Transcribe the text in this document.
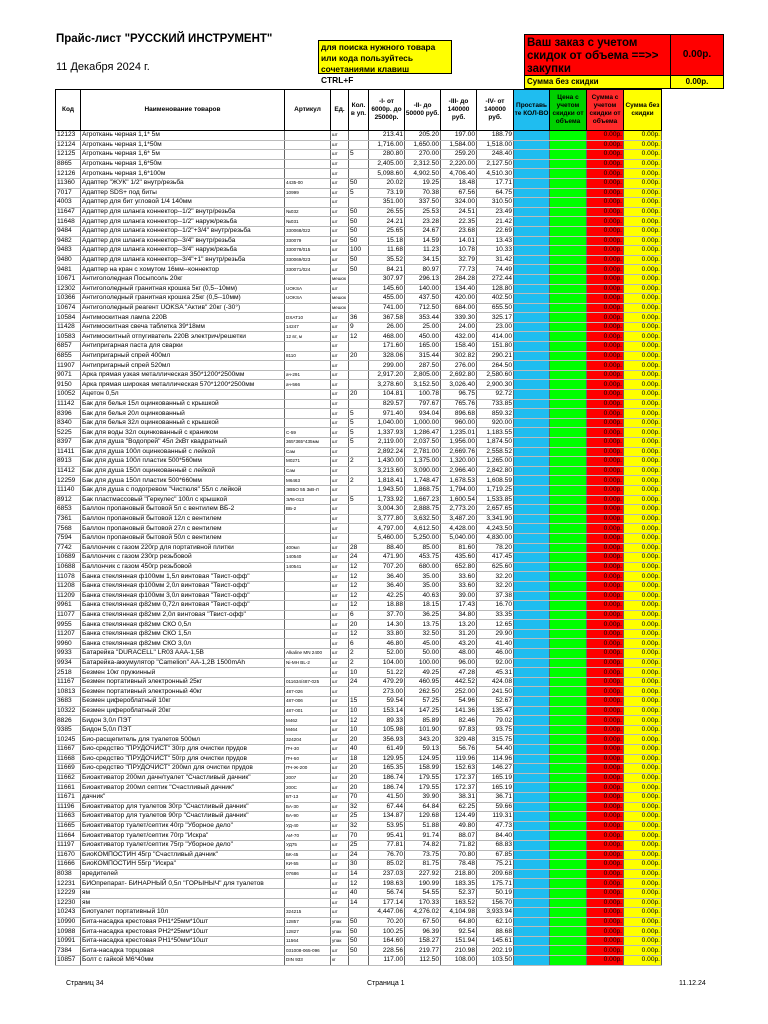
Прайс-лист "РУССКИЙ ИНСТРУМЕНТ"
11 Декабря 2024 г.
для поиска нужного товара
или кода пользуйтесь
сочетаниями клавиш
CTRL+F
Ваш заказ с учетом
скидок от объема ==>>
закупки
0.00р.
Сумма без скидки	0.00р.
Код	Наименование товаров	Артикул	Ед.	Кол. в уп.	-I- от 6000р. до 25000р.	-II- до 50000 руб.	-III- до 140000 руб.	-IV- от 140000 руб.	Проставь те КОЛ-ВО	Цена с учетом скидки от объема	Сумма с учетом скидки от объема	Сумма без скидки
12123	Агроткань черная 1,1* 5м		шт		213.41	205.20	197.00	188.79			0.00р.	0.00р.
12124	Агроткань черная 1,1*50м		шт		1,716.00	1,650.00	1,584.00	1,518.00			0.00р.	0.00р.
12125	Агроткань черная 1,6* 5м		шт	5	280.80	270.00	259.20	248.40			0.00р.	0.00р.
8865	Агроткань черная 1,6*50м		шт		2,405.00	2,312.50	2,220.00	2,127.50			0.00р.	0.00р.
12126	Агроткань черная 1,6*100м		шт		5,098.60	4,902.50	4,706.40	4,510.30			0.00р.	0.00р.
11360	Адаптер "ЖУК" 1/2" внутр/резьба	4435-00	шт	50	20.02	19.25	18.48	17.71			0.00р.	0.00р.
7017	Адаптер SDS+ под биты	10999	шт	5	73.19	70.38	67.56	64.75			0.00р.	0.00р.
4003	Адаптер для бит угловой 1/4 140мм		шт		351.00	337.50	324.00	310.50			0.00р.	0.00р.
11647	Адаптер для шланга коннектор--1/2" внутр/резьба	№032	шт	50	26.55	25.53	24.51	23.49			0.00р.	0.00р.
11648	Адаптер для шланга коннектор--1/2" наруж/резьба	№031	шт	50	24.21	23.28	22.35	21.42			0.00р.	0.00р.
9484	Адаптер для шланга коннектор--1/2"+3/4" внутр/резьба	330068/022	шт	50	25.65	24.67	23.68	22.69			0.00р.	0.00р.
9482	Адаптер для шланга коннектор--3/4" внутр/резьба	330079	шт	50	15.18	14.59	14.01	13.43			0.00р.	0.00р.
9483	Адаптер для шланга коннектор--3/4" наруж/резьба	330078/015	шт	100	11.68	11.23	10.78	10.33			0.00р.	0.00р.
9480	Адаптер для шланга коннектор--3/4"+1" внутр/резьба	330069/023	шт	50	35.52	34.15	32.79	31.42			0.00р.	0.00р.
9481	Адаптер на кран с хомутом 16мм--коннектор	330071/024	шт	50	84.21	80.97	77.73	74.49			0.00р.	0.00р.
10671	Антигололедная Посыпсоль 20кг		мешок		307.97	296.13	284.28	272.44			0.00р.	0.00р.
12302	Антигололедный гранитная крошка 5кг (0,5--10мм)	UOKSA	шт		145.60	140.00	134.40	128.80			0.00р.	0.00р.
10366	Антигололедный гранитная крошка 25кг (0,5--10мм)	UOKSA	мешок		455.00	437.50	420.00	402.50			0.00р.	0.00р.
10674	Антигололедный реагент UOKSA "Актив" 20кг (-30°)		мешок		741.00	712.50	684.00	655.50			0.00р.	0.00р.
10584	Антимоскитная лампа 220В	DXAT10	шт	36	367.58	353.44	339.30	325.17			0.00р.	0.00р.
11428	Антимоскитная свеча таблетка 39*18мм	14247	шт	9	26.00	25.00	24.00	23.00			0.00р.	0.00р.
10583	Антимоскитный отпугиватель 220В электрич/решетки	12 вт, м	шт	12	468.00	450.00	432.00	414.00			0.00р.	0.00р.
6857	Антипригарная паста для сварки		шт		171.60	165.00	158.40	151.80			0.00р.	0.00р.
6855	Антипригарный спрей 400мл	8110	шт	20	328.06	315.44	302.82	290.21			0.00р.	0.00р.
11907	Антипригарный спрей 520мл		шт		299.00	287.50	276.00	264.50			0.00р.	0.00р.
9071	Арка прямая узкая металлическая 350*1200*2500мм	ач-291	шт		2,917.20	2,805.00	2,692.80	2,580.60			0.00р.	0.00р.
9150	Арка прямая широкая металлическая 570*1200*2500мм	ач-566	шт		3,278.60	3,152.50	3,026.40	2,900.30			0.00р.	0.00р.
10052	Ацетон 0,5л		шт	20	104.81	100.78	96.75	92.72			0.00р.	0.00р.
11142	Бак для белья 15л оцинкованный с крышкой		шт		829.57	797.67	765.76	733.85			0.00р.	0.00р.
8396	Бак для белья 20л оцинкованный		шт	5	971.40	934.04	896.68	859.32			0.00р.	0.00р.
8340	Бак для белья 32л оцинкованный с крышкой		шт	5	1,040.00	1,000.00	960.00	920.00			0.00р.	0.00р.
5225	Бак для воды 32л оцинкованный с краником	С-59	шт	5	1,337.93	1,286.47	1,235.01	1,183.55			0.00р.	0.00р.
8397	Бак для душа "Водопрей" 45л 2кВт квадратный	365*365*435мм	шт	5	2,119.00	2,037.50	1,956.00	1,874.50			0.00р.	0.00р.
11411	Бак для душа 100л оцинкованный с лейкой	Сам	шт		2,892.24	2,781.00	2,669.76	2,558.52			0.00р.	0.00р.
8913	Бак для душа 100л пластик 500*560мм	М0271	шт	2	1,430.00	1,375.00	1,320.00	1,265.00			0.00р.	0.00р.
11412	Бак для душа 150л оцинкованный с лейкой	Сам	шт		3,213.60	3,090.00	2,966.40	2,842.80			0.00р.	0.00р.
12259	Бак для душа 150л пластик 500*660мм	М6463	шт	2	1,818.41	1,748.47	1,678.53	1,608.59			0.00р.	0.00р.
11140	Бак для душа с подогревом "Чистюля" 55л с лейкой	ЭВБО 55 3кВ-Л	шт		1,943.50	1,868.75	1,794.00	1,719.25			0.00р.	0.00р.
8912	Бак пластмассовый "Геркулес" 100л с крышкой	ЭЛ6-013	шт	5	1,733.92	1,667.23	1,600.54	1,533.85			0.00р.	0.00р.
6853	Баллон пропановый бытовой 5л с вентилем ВБ-2	ВБ-2	шт		3,004.30	2,888.75	2,773.20	2,657.65			0.00р.	0.00р.
7361	Баллон пропановый бытовой 12л с вентилем		шт		3,777.80	3,632.50	3,487.20	3,341.90			0.00р.	0.00р.
7568	Баллон пропановый бытовой 27л с вентилем		шт		4,797.00	4,612.50	4,428.00	4,243.50			0.00р.	0.00р.
7594	Баллон пропановый бытовой 50л с вентилем		шт		5,460.00	5,250.00	5,040.00	4,830.00			0.00р.	0.00р.
7742	Баллончик с газом 220гр для портативной плитки	400мл	шт	28	88.40	85.00	81.60	78.20			0.00р.	0.00р.
10689	Баллончик с газом 230гр резьбовой	140540	шт	24	471.90	453.75	435.60	417.45			0.00р.	0.00р.
10688	Баллончик с газом 450гр резьбовой	140541	шт	12	707.20	680.00	652.80	625.60			0.00р.	0.00р.
11078	Банка стеклянная ф100мм 1,5л винтовая "Твист-офф"		шт	12	36.40	35.00	33.60	32.20			0.00р.	0.00р.
11208	Банка стеклянная ф100мм 2,0л винтовая "Твист-офф"		шт	12	36.40	35.00	33.60	32.20			0.00р.	0.00р.
11209	Банка стеклянная ф100мм 3,0л винтовая "Твист-офф"		шт	12	42.25	40.63	39.00	37.38			0.00р.	0.00р.
9961	Банка стеклянная ф82мм 0,72л винтовая "Твист-офф"		шт	12	18.88	18.15	17.43	16.70			0.00р.	0.00р.
11077	Банка стеклянная ф82мм 2,0л винтовая "Твист-офф"		шт	6	37.70	36.25	34.80	33.35			0.00р.	0.00р.
9955	Банка стеклянная ф82мм СКО 0,5л		шт	20	14.30	13.75	13.20	12.65			0.00р.	0.00р.
11207	Банка стеклянная ф82мм СКО 1,5л		шт	12	33.80	32.50	31.20	29.90			0.00р.	0.00р.
9960	Банка стеклянная ф82мм СКО 3,0л		шт	6	46.80	45.00	43.20	41.40			0.00р.	0.00р.
9933	Батарейка "DURACELL" LR03 AAA-1,5В	Alkaline MN 2400	шт	2	52.00	50.00	48.00	46.00			0.00р.	0.00р.
9934	Батарейка-аккумулятор "Camelion" AA-1,2В 1500mAh	Ni-MH BL-2	шт	2	104.00	100.00	96.00	92.00			0.00р.	0.00р.
2518	Безмен 10кг пружинный		шт	10	51.22	49.25	47.28	45.31			0.00р.	0.00р.
11167	Безмен портативный электронный 25кг	011634/487-025	шт	24	479.29	460.95	442.52	424.08			0.00р.	0.00р.
10813	Безмен портативный электронный 40кг	487-026	шт		273.00	262.50	252.00	241.50			0.00р.	0.00р.
3683	Безмен цифероблатный 10кг	487-006	шт	15	59.54	57.25	54.96	52.67			0.00р.	0.00р.
10322	Безмен цифероблатный 20кг	487-001	шт	10	153.14	147.25	141.36	135.47			0.00р.	0.00р.
8826	Бидон 3,0л ПЭТ	М462	шт	12	89.33	85.89	82.46	79.02			0.00р.	0.00р.
9385	Бидон 5,0л ПЭТ	М464	шт	10	105.98	101.90	97.83	93.75			0.00р.	0.00р.
10245	Био-расщепитель для туалетов 500мл	324204	шт	20	356.93	343.20	329.48	315.75			0.00р.	0.00р.
11667	Био-средство "ПРУДОЧИСТ" 30гр для очистки прудов	ПЧ-30	шт	40	61.49	59.13	56.76	54.40			0.00р.	0.00р.
11668	Био-средство "ПРУДОЧИСТ" 50гр для очистки прудов	ПЧ-50	шт	18	129.95	124.95	119.96	114.96			0.00р.	0.00р.
11669	Био-средство "ПРУДОЧИСТ" 200мл для очистки прудов	ПЧ-Ж-200	шт	20	165.35	158.99	152.63	146.27			0.00р.	0.00р.
11662	Биоактиватор 200мл дачн/туалет "Счастливый дачник"	2007	шт	20	186.74	179.55	172.37	165.19			0.00р.	0.00р.
11661	Биоактиватор 200мл септик "Счастливый дачник"	200С	шт	20	186.74	179.55	172.37	165.19			0.00р.	0.00р.
11671	дачник"	БТ-13	шт	70	41.50	39.90	38.31	36.71			0.00р.	0.00р.
11196	Биоактиватор для туалетов 30гр "Счастливый дачник"	БА-30	шт	32	67.44	64.84	62.25	59.66			0.00р.	0.00р.
11663	Биоактиватор для туалетов 90гр "Счастливый дачник"	БА-90	шт	25	134.87	129.68	124.49	119.31			0.00р.	0.00р.
11665	Биоактиватор туалет/септик 40гр "Уборное дело"	УД-40	шт	32	53.95	51.88	49.80	47.73			0.00р.	0.00р.
11664	Биоактиватор туалет/септик 70гр "Искра"	АИ-70	шт	70	95.41	91.74	88.07	84.40			0.00р.	0.00р.
11197	Биоактиватор туалет/септик 75гр "Уборное дело"	УД75	шт	25	77.81	74.82	71.82	68.83			0.00р.	0.00р.
11670	БиоКОМПОСТИН 45гр "Счастливый дачник"	БК-45	шт	24	76.70	73.75	70.80	67.85			0.00р.	0.00р.
11666	БиоКОМПОСТИН 55гр "Искра"	КИ-55	шт	30	85.02	81.75	78.48	75.21			0.00р.	0.00р.
8038	вредителей	07686	шт	14	237.03	227.92	218.80	209.68			0.00р.	0.00р.
12231	БИОпрепарат- БИНАРНЫЙ 0,5л "ГОРЫНЫЧ" для туалетов		шт	12	198.63	190.99	183.35	175.71			0.00р.	0.00р.
12229	ям		шт	40	56.74	54.55	52.37	50.19			0.00р.	0.00р.
12230	ям		шт	14	177.14	170.33	163.52	156.70			0.00р.	0.00р.
10243	Биотуалет портативный 10л	324215	шт		4,447.06	4,276.02	4,104.98	3,933.94			0.00р.	0.00р.
10990	Бита-насадка крестовая PH1*25мм*10шт	12857	упак	50	70.20	67.50	64.80	62.10			0.00р.	0.00р.
10988	Бита-насадка крестовая PH2*25мм*10шт	12827	упак	50	100.25	96.39	92.54	88.68			0.00р.	0.00р.
10991	Бита-насадка крестовая PH1*50мм*10шт	11564	упак	50	164.60	158.27	151.94	145.61			0.00р.	0.00р.
7384	Бита-насадка торцовая	031008-065-096	шт	50	228.56	219.77	210.98	202.19			0.00р.	0.00р.
10857	Болт с гайкой M6*40мм	DIN 933	кг		117.00	112.50	108.00	103.50			0.00р.	0.00р.
Страниц 34	Страница 1	11.12.24
